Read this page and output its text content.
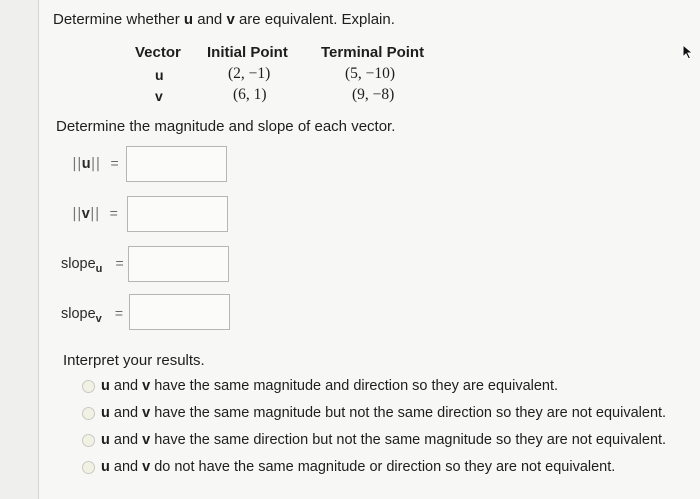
Determine whether u and v are equivalent. Explain.
Vector Initial Point Terminal Point
u	(2, −1)	(5, −10)
v	(6, 1)	(9, −8)
Determine the magnitude and slope of each vector.
||u|| =
||v|| =
slope$_u$ =
slope$_v$ =
Interpret your results.
u and v have the same magnitude and direction so they are equivalent.
u and v have the same magnitude but not the same direction so they are not equivalent.
u and v have the same direction but not the same magnitude so they are not equivalent.
u and v do not have the same magnitude or direction so they are not equivalent.
